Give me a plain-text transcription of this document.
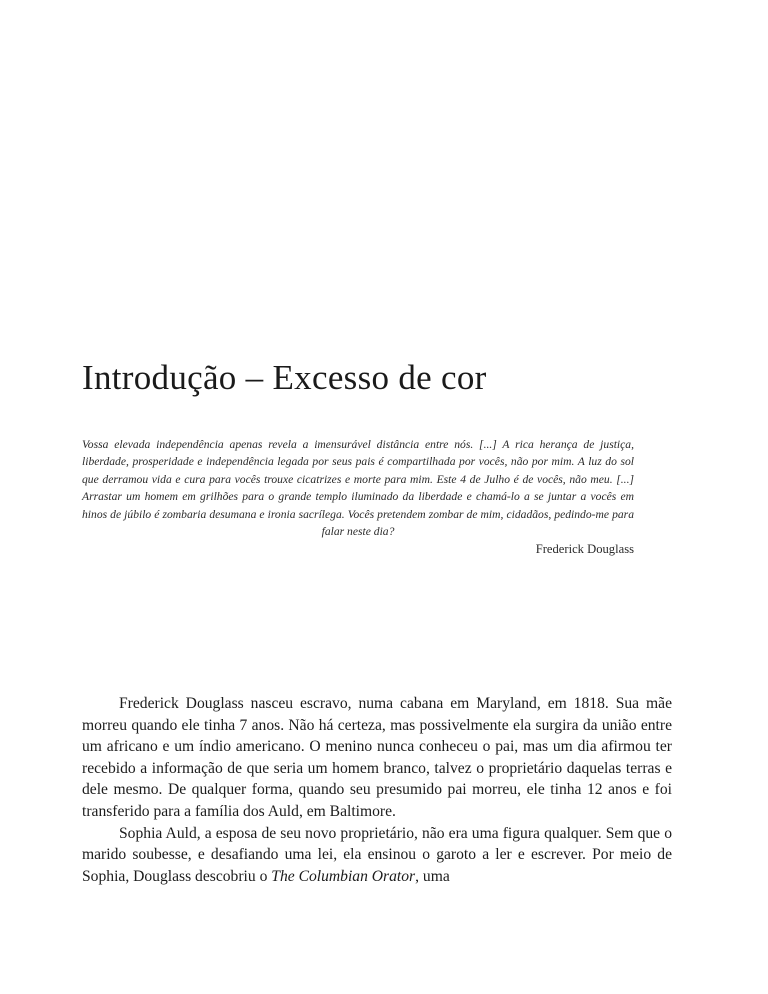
Introdução – Excesso de cor

Vossa elevada independência apenas revela a imensurável distância entre nós. [...] A rica herança de justiça, liberdade, prosperidade e independência legada por seus pais é compartilhada por vocês, não por mim. A luz do sol que derramou vida e cura para vocês trouxe cicatrizes e morte para mim. Este 4 de Julho é de vocês, não meu. [...] Arrastar um homem em grilhões para o grande templo iluminado da liberdade e chamá-lo a se juntar a vocês em hinos de júbilo é zombaria desumana e ironia sacrílega. Vocês pretendem zombar de mim, cidadãos, pedindo-me para falar neste dia?

Frederick Douglass

Frederick Douglass nasceu escravo, numa cabana em Maryland, em 1818. Sua mãe morreu quando ele tinha 7 anos. Não há certeza, mas possivelmente ela surgira da união entre um africano e um índio americano. O menino nunca conheceu o pai, mas um dia afirmou ter recebido a informação de que seria um homem branco, talvez o proprietário daquelas terras e dele mesmo. De qualquer forma, quando seu presumido pai morreu, ele tinha 12 anos e foi transferido para a família dos Auld, em Baltimore.

Sophia Auld, a esposa de seu novo proprietário, não era uma figura qualquer. Sem que o marido soubesse, e desafiando uma lei, ela ensinou o garoto a ler e escrever. Por meio de Sophia, Douglass descobriu o The Columbian Orator, uma
